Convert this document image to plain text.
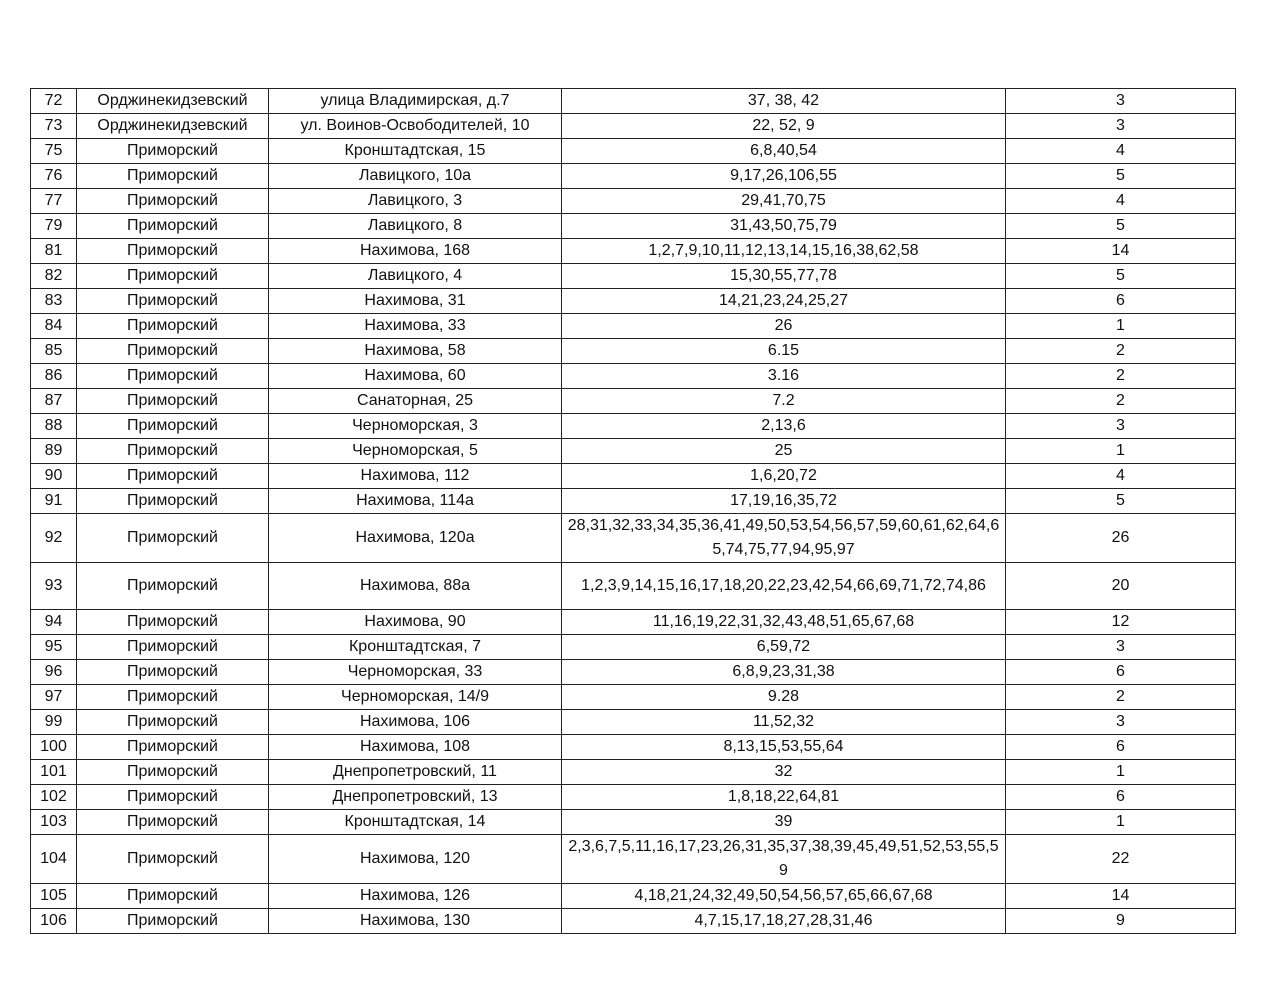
72	Орджинекидзевский	улица Владимирская, д.7	37, 38, 42	3
73	Орджинекидзевский	ул. Воинов-Освободителей, 10	22, 52, 9	3
75	Приморский	Кронштадтская, 15	6,8,40,54	4
76	Приморский	Лавицкого, 10а	9,17,26,106,55	5
77	Приморский	Лавицкого, 3	29,41,70,75	4
79	Приморский	Лавицкого, 8	31,43,50,75,79	5
81	Приморский	Нахимова, 168	1,2,7,9,10,11,12,13,14,15,16,38,62,58	14
82	Приморский	Лавицкого, 4	15,30,55,77,78	5
83	Приморский	Нахимова, 31	14,21,23,24,25,27	6
84	Приморский	Нахимова, 33	26	1
85	Приморский	Нахимова, 58	6.15	2
86	Приморский	Нахимова, 60	3.16	2
87	Приморский	Санаторная, 25	7.2	2
88	Приморский	Черноморская, 3	2,13,6	3
89	Приморский	Черноморская, 5	25	1
90	Приморский	Нахимова, 112	1,6,20,72	4
91	Приморский	Нахимова, 114а	17,19,16,35,72	5
92	Приморский	Нахимова, 120а	28,31,32,33,34,35,36,41,49,50,53,54,56,57,59,60,61,62,64,65,74,75,77,94,95,97	26
93	Приморский	Нахимова, 88а	1,2,3,9,14,15,16,17,18,20,22,23,42,54,66,69,71,72,74,86	20
94	Приморский	Нахимова, 90	11,16,19,22,31,32,43,48,51,65,67,68	12
95	Приморский	Кронштадтская, 7	6,59,72	3
96	Приморский	Черноморская, 33	6,8,9,23,31,38	6
97	Приморский	Черноморская, 14/9	9.28	2
99	Приморский	Нахимова, 106	11,52,32	3
100	Приморский	Нахимова, 108	8,13,15,53,55,64	6
101	Приморский	Днепропетровский, 11	32	1
102	Приморский	Днепропетровский, 13	1,8,18,22,64,81	6
103	Приморский	Кронштадтская, 14	39	1
104	Приморский	Нахимова, 120	2,3,6,7,5,11,16,17,23,26,31,35,37,38,39,45,49,51,52,53,55,59	22
105	Приморский	Нахимова, 126	4,18,21,24,32,49,50,54,56,57,65,66,67,68	14
106	Приморский	Нахимова, 130	4,7,15,17,18,27,28,31,46	9
